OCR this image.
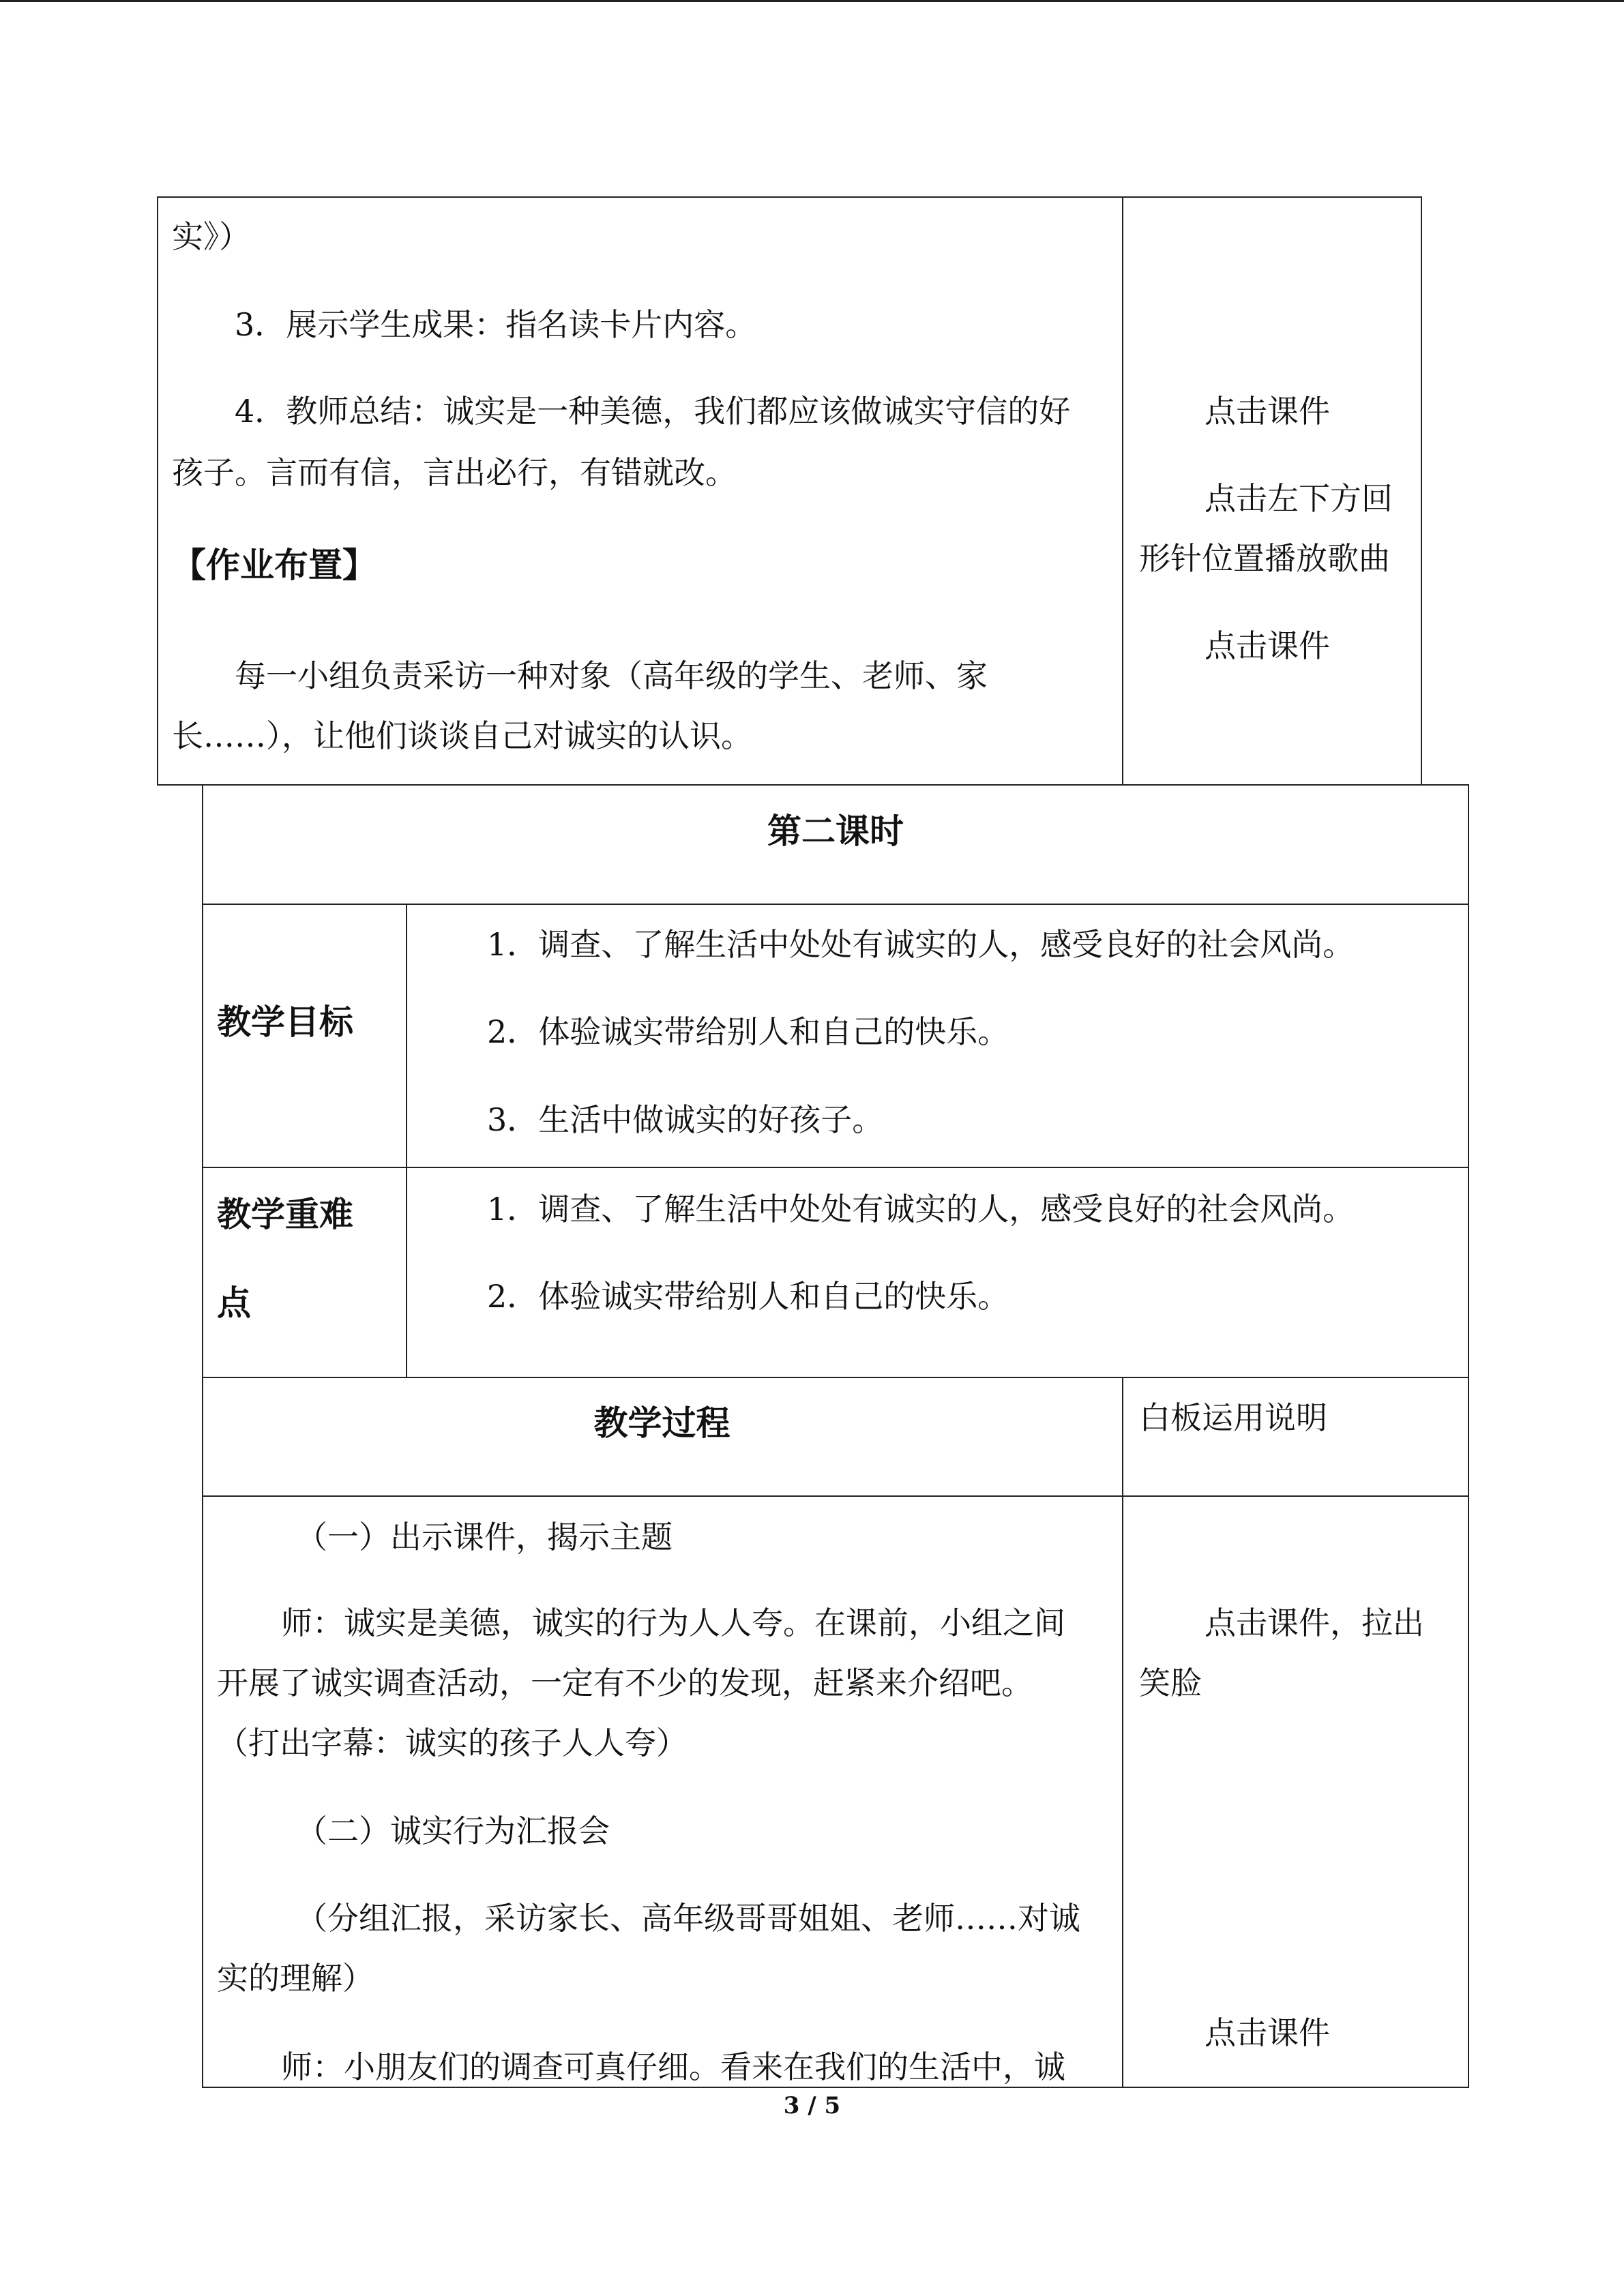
实》）
3．展示学生成果：指名读卡片内容。
4．教师总结：诚实是一种美德，我们都应该做诚实守信的好
孩子。言而有信，言出必行，有错就改。
【作业布置】
每一小组负责采访一种对象（高年级的学生、老师、家
长……），让他们谈谈自己对诚实的认识。
点击课件
点击左下方回
形针位置播放歌曲
点击课件
第二课时
教学目标
1．调查、了解生活中处处有诚实的人，感受良好的社会风尚。
2．体验诚实带给别人和自己的快乐。
3．生活中做诚实的好孩子。
教学重难
点
1．调查、了解生活中处处有诚实的人，感受良好的社会风尚。
2．体验诚实带给别人和自己的快乐。
教学过程	白板运用说明
（一）出示课件，揭示主题
师：诚实是美德，诚实的行为人人夸。在课前，小组之间
开展了诚实调查活动，一定有不少的发现，赶紧来介绍吧。
（打出字幕：诚实的孩子人人夸）
（二）诚实行为汇报会
（分组汇报，采访家长、高年级哥哥姐姐、老师……对诚
实的理解）
师：小朋友们的调查可真仔细。看来在我们的生活中，诚
点击课件，拉出
笑脸
点击课件
3 / 5
